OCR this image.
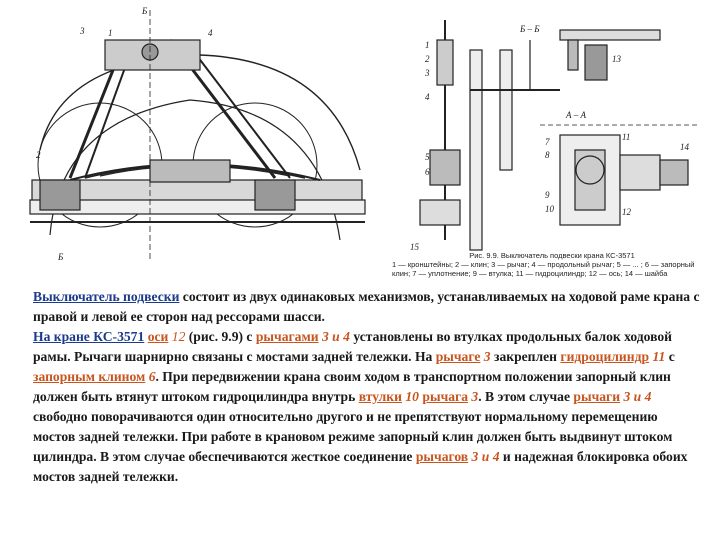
3
Б
4
1
2
Б
Б – Б
А – А
1
2
3
4
5
6
7
8
9
10
11
12
13
14
15
Рис. 9.9. Выключатель подвески крана КС-3571
1 — кронштейны; 2 — клин; 3 — рычаг; 4 — продольный рычаг; 5 — ... ; 6 — запорный клин; 7 — уплотнение; 9 — втулка; 11 — гидроцилиндр; 12 — ось; 14 — шайба

Выключатель подвески состоит из двух одинаковых механизмов, устанавливаемых на ходовой раме крана с правой и левой ее сторон над рессорами шасси.

На кране КС-3571 оси 12 (рис. 9.9) с рычагами 3 и 4 установлены во втулках продольных балок ходовой рамы. Рычаги шарнирно связаны с мостами задней тележки. На рычаге 3 закреплен гидроцилиндр 11 с запорным клином 6. При передвижении крана своим ходом в транспортном положении запорный клин должен быть втянут штоком гидроцилиндра внутрь втулки 10 рычага 3. В этом случае рычаги 3 и 4 свободно поворачиваются один относительно другого и не препятствуют нормальному перемещению мостов задней тележки. При работе в крановом режиме запорный клин должен быть выдвинут штоком цилиндра. В этом случае обеспечиваются жесткое соединение рычагов 3 и 4 и надежная блокировка обоих мостов задней тележки.
